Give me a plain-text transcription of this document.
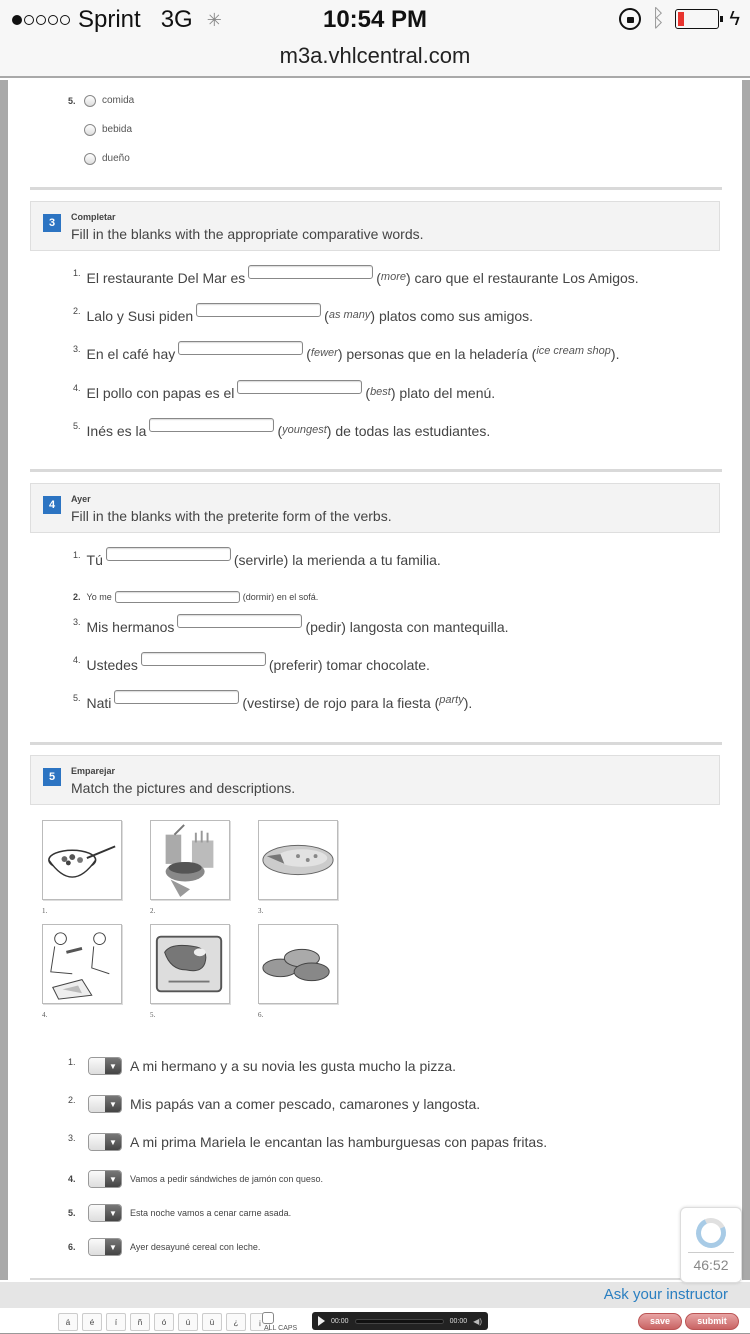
Sprint 3G ✳	10:54 PM	ᛒ	ϟ
m3a.vhlcentral.com
5.	comida
bebida
dueño
3	Completar
Fill in the blanks with the appropriate comparative words.
1. El restaurante Del Mar es	($^{more}$) caro que el restaurante Los Amigos.
2. Lalo y Susi piden	($^{as many}$) platos como sus amigos.
3. En el café hay	($^{fewer}$) personas que en la heladería ( ice cream shop ).
4. El pollo con papas es el	($^{best}$) plato del menú.
5. Inés es la	($^{youngest}$) de todas las estudiantes.
4	Ayer
Fill in the blanks with the preterite form of the verbs.
1. Tú	(servirle) la merienda a tu familia.
2. Yo me	(dormir) en el sofá.
3. Mis hermanos	(pedir) langosta con mantequilla.
4. Ustedes	(preferir) tomar chocolate.
5. Nati	(vestirse) de rojo para la fiesta ( party ).
5	Emparejar
Match the pictures and descriptions.
1.	2.	3.
4.	5.	6.
1.	▼ A mi hermano y a su novia les gusta mucho la pizza.
2.	▼ Mis papás van a comer pescado, camarones y langosta.
3.	▼ A mi prima Mariela le encantan las hamburguesas con papas fritas.
4.	▼	Vamos a pedir sándwiches de jamón con queso.
5.	▼	Esta noche vamos a cenar carne asada.
6.	▼	Ayer desayuné cereal con leche.
46:52
Ask your instructor
á	é	í	ñ	ó	ú	ü	¿	¡
ALL CAPS
00:00	00:00 ◀)	save	submit
